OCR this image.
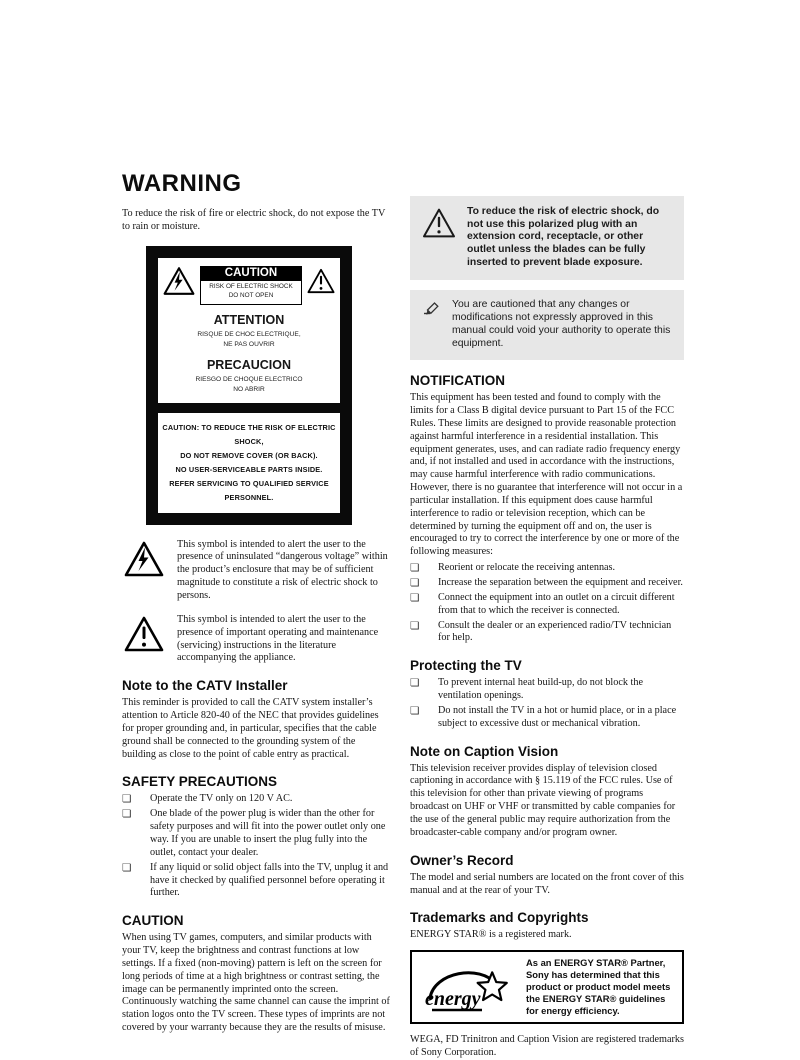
WARNING

To reduce the risk of fire or electric shock, do not expose the TV to rain or moisture.

CAUTION
RISK OF ELECTRIC SHOCK
DO NOT OPEN
ATTENTION
RISQUE DE CHOC ELECTRIQUE,
NE PAS OUVRIR
PRECAUCION
RIESGO DE CHOQUE ELECTRICO
NO ABRIR
CAUTION: TO REDUCE THE RISK OF ELECTRIC SHOCK,
DO NOT REMOVE COVER (OR BACK).
NO USER-SERVICEABLE PARTS INSIDE.
REFER SERVICING TO QUALIFIED SERVICE PERSONNEL.
This symbol is intended to alert the user to the presence of uninsulated “dangerous voltage” within the product’s enclosure that may be of sufficient magnitude to constitute a risk of electric shock to persons.
This symbol is intended to alert the user to the presence of important operating and maintenance (servicing) instructions in the literature accompanying the appliance.
Note to the CATV Installer

This reminder is provided to call the CATV system installer’s attention to Article 820-40 of the NEC that provides guidelines for proper grounding and, in particular, specifies that the cable ground shall be connected to the grounding system of the building as close to the point of cable entry as practical.

SAFETY PRECAUTIONS
❏	Operate the TV only on 120 V AC.
❏	One blade of the power plug is wider than the other for safety purposes and will fit into the power outlet only one way. If you are unable to insert the plug fully into the outlet, contact your dealer.
❏	If any liquid or solid object falls into the TV, unplug it and have it checked by qualified personnel before operating it further.
CAUTION

When using TV games, computers, and similar products with your TV, keep the brightness and contrast functions at low settings. If a fixed (non-moving) pattern is left on the screen for long periods of time at a high brightness or contrast setting, the image can be permanently imprinted onto the screen. Continuously watching the same channel can cause the imprint of station logos onto the TV screen. These types of imprints are not covered by your warranty because they are the results of misuse.

To reduce the risk of electric shock, do not use this polarized plug with an extension cord, receptacle, or other outlet unless the blades can be fully inserted to prevent blade exposure.
You are cautioned that any changes or modifications not expressly approved in this manual could void your authority to operate this equipment.
NOTIFICATION

This equipment has been tested and found to comply with the limits for a Class B digital device pursuant to Part 15 of the FCC Rules. These limits are designed to provide reasonable protection against harmful interference in a residential installation. This equipment generates, uses, and can radiate radio frequency energy and, if not installed and used in accordance with the instructions, may cause harmful interference with radio communications. However, there is no guarantee that interference will not occur in a particular installation. If this equipment does cause harmful interference to radio or television reception, which can be determined by turning the equipment off and on, the user is encouraged to try to correct the interference by one or more of the following measures:

❏	Reorient or relocate the receiving antennas.
❏	Increase the separation between the equipment and receiver.
❏	Connect the equipment into an outlet on a circuit different from that to which the receiver is connected.
❏	Consult the dealer or an experienced radio/TV technician for help.
Protecting the TV
❏	To prevent internal heat build-up, do not block the ventilation openings.
❏	Do not install the TV in a hot or humid place, or in a place subject to excessive dust or mechanical vibration.
Note on Caption Vision

This television receiver provides display of television closed captioning in accordance with § 15.119 of the FCC rules. Use of this television for other than private viewing of programs broadcast on UHF or VHF or transmitted by cable companies for the use of the general public may require authorization from the broadcaster-cable company and/or program owner.

Owner’s Record

The model and serial numbers are located on the front cover of this manual and at the rear of your TV.

Trademarks and Copyrights

ENERGY STAR® is a registered mark.

energy
As an ENERGY STAR® Partner, Sony has determined that this product or product model meets the ENERGY STAR® guidelines for energy efficiency.

WEGA, FD Trinitron and Caption Vision are registered trademarks of Sony Corporation.
